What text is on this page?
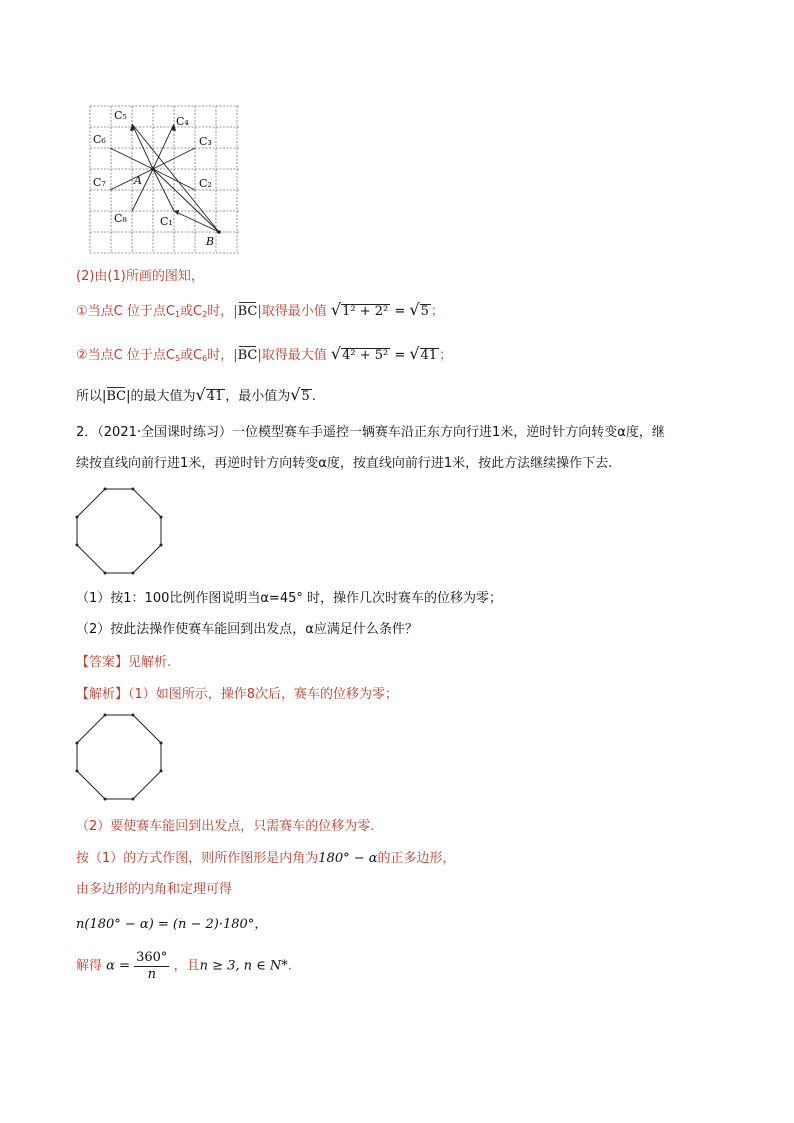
C₅	C₄
C₆	C₃
C₇	A	C₂
C₈	C₁
B
(2)由(1)所画的图知，
①当点C 位于点$C_1$或$C_2$时，|BC|取得最小值 √1² + 2² = √5 ；
②当点C 位于点$C_5$或$C_6$时，|BC|取得最大值 √4² + 5² = √41 ；
所以|BC|的最大值为√41 ，最小值为√5 .
2．（2021·全国课时练习）一位模型赛车手遥控一辆赛车沿正东方向行进1米，逆时针方向转变α度，继
续按直线向前行进1米，再逆时针方向转变α度，按直线向前行进1米，按此方法继续操作下去.
（1）按1：100比例作图说明当α=45° 时，操作几次时赛车的位移为零；
（2）按此法操作使赛车能回到出发点，α应满足什么条件？
【答案】见解析.
【解析】（1）如图所示，操作8次后，赛车的位移为零；
（2）要使赛车能回到出发点，只需赛车的位移为零.
按（1）的方式作图，则所作图形是内角为180° − α的正多边形，
由多边形的内角和定理可得
n(180° − α) = (n − 2)·180°，
解得 $\alpha = \frac{360^\circ}{n}$ ，且n ≥ 3, n ∈ N*.
